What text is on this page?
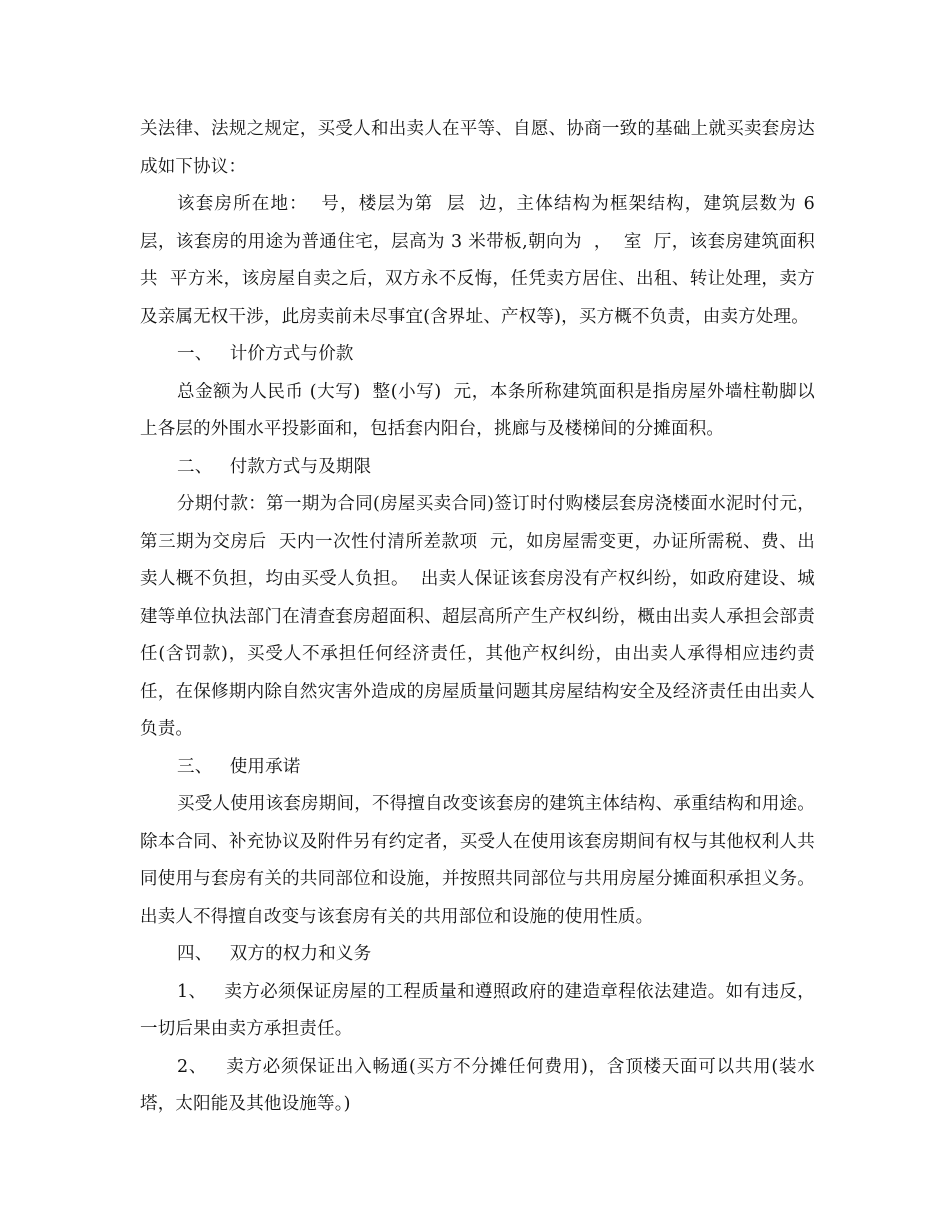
关法律、法规之规定，买受人和出卖人在平等、自愿、协商一致的基础上就买卖套房达成如下协议：

该套房所在地：  号，楼层为第  层  边，主体结构为框架结构，建筑层数为 6 层，该套房的用途为普通住宅，层高为 3 米带板,朝向为  ，  室  厅，该套房建筑面积共  平方米，该房屋自卖之后，双方永不反悔，任凭卖方居住、出租、转让处理，卖方及亲属无权干涉，此房卖前未尽事宜(含界址、产权等)，买方概不负责，由卖方处理。

一、   计价方式与价款

总金额为人民币 (大写)  整(小写)  元，本条所称建筑面积是指房屋外墙柱勒脚以上各层的外围水平投影面和，包括套内阳台，挑廊与及楼梯间的分摊面积。

二、   付款方式与及期限

分期付款：第一期为合同(房屋买卖合同)签订时付购楼层套房浇楼面水泥时付元，第三期为交房后  天内一次性付清所差款项  元，如房屋需变更，办证所需税、费、出卖人概不负担，均由买受人负担。  出卖人保证该套房没有产权纠纷，如政府建设、城建等单位执法部门在清查套房超面积、超层高所产生产权纠纷，概由出卖人承担会部责任(含罚款)，买受人不承担任何经济责任，其他产权纠纷，由出卖人承得相应违约责任，在保修期内除自然灾害外造成的房屋质量问题其房屋结构安全及经济责任由出卖人负责。

三、   使用承诺

买受人使用该套房期间，不得擅自改变该套房的建筑主体结构、承重结构和用途。除本合同、补充协议及附件另有约定者，买受人在使用该套房期间有权与其他权利人共同使用与套房有关的共同部位和设施，并按照共同部位与共用房屋分摊面积承担义务。出卖人不得擅自改变与该套房有关的共用部位和设施的使用性质。

四、   双方的权力和义务

1、   卖方必须保证房屋的工程质量和遵照政府的建造章程依法建造。如有违反，一切后果由卖方承担责任。

2、   卖方必须保证出入畅通(买方不分摊任何费用)，含顶楼天面可以共用(装水塔，太阳能及其他设施等。)
